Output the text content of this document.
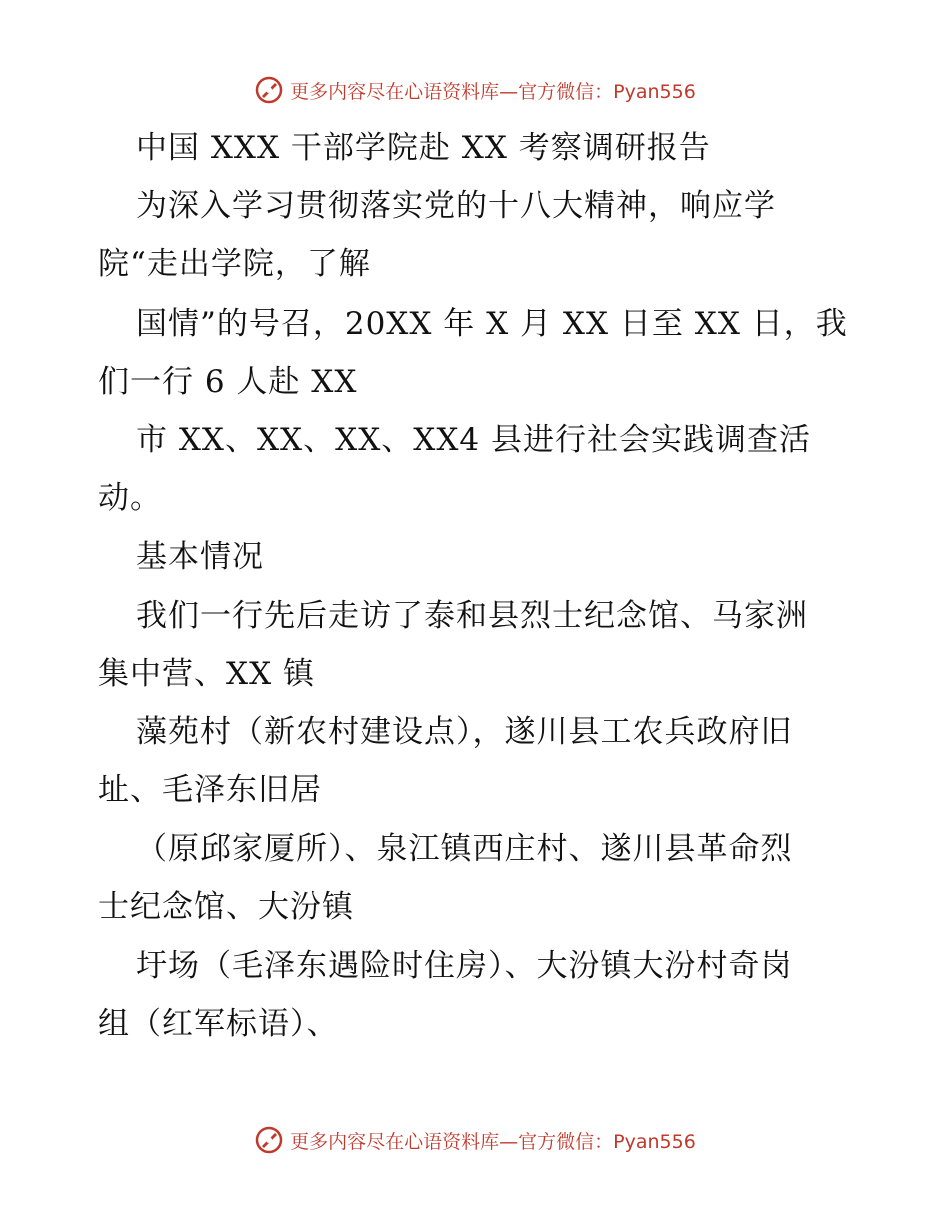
更多内容尽在心语资料库—官方微信：Pyan556
中国 XXX 干部学院赴 XX 考察调研报告
为深入学习贯彻落实党的十八大精神，响应学
院“走出学院，了解
国情”的号召，20XX 年 X 月 XX 日至 XX 日，我
们一行 6 人赴 XX
市 XX、XX、XX、XX4 县进行社会实践调查活
动。
基本情况
我们一行先后走访了泰和县烈士纪念馆、马家洲
集中营、XX 镇
藻苑村（新农村建设点），遂川县工农兵政府旧
址、毛泽东旧居
（原邱家厦所）、泉江镇西庄村、遂川县革命烈
士纪念馆、大汾镇
圩场（毛泽东遇险时住房）、大汾镇大汾村奇岗
组（红军标语）、
更多内容尽在心语资料库—官方微信：Pyan556
